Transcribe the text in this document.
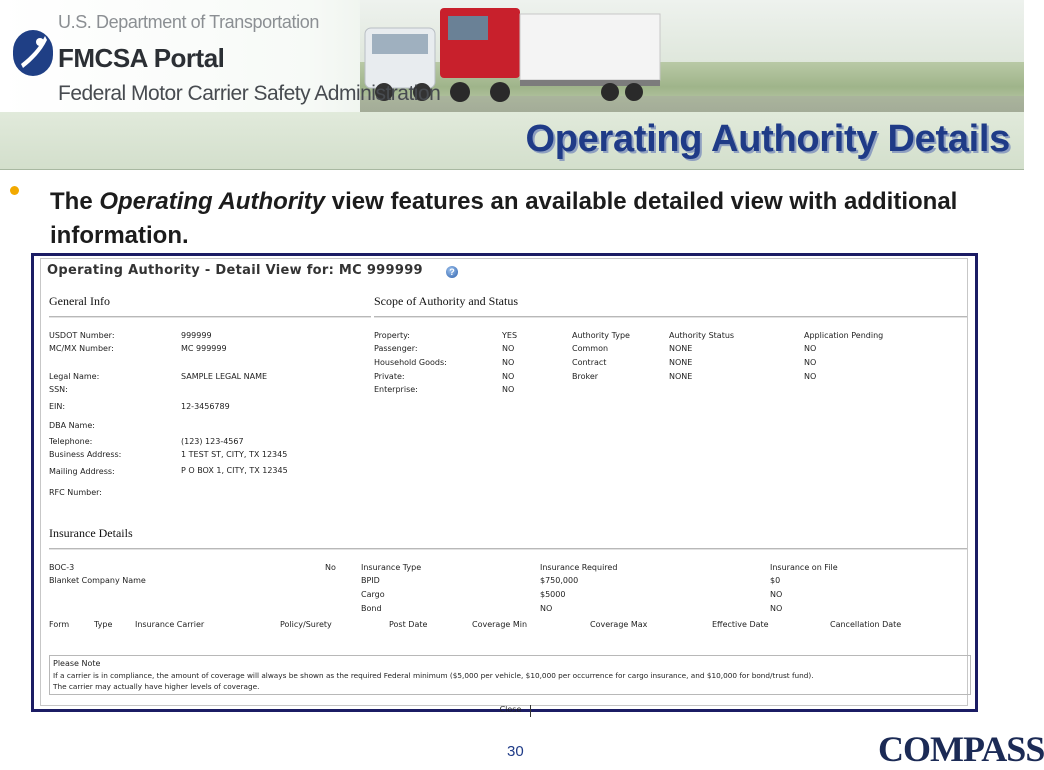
U.S. Department of Transportation
FMCSA Portal
Federal Motor Carrier Safety Administration
Operating Authority Details
The Operating Authority view features an available detailed view with additional information.
Operating Authority - Detail View for: MC 999999	?
General Info
USDOT Number:	999999
MC/MX Number:	MC 999999
Legal Name:	SAMPLE LEGAL NAME
SSN:
EIN:	12-3456789
DBA Name:
Telephone:	(123) 123-4567
Business Address:	1 TEST ST, CITY, TX 12345
Mailing Address:	P O BOX 1, CITY, TX 12345
RFC Number:
Scope of Authority and Status
Property:	YES
Passenger:	NO
Household Goods:	NO
Private:	NO
Enterprise:	NO
Authority Type	Authority Status	Application Pending
Common	NONE	NO
Contract	NONE	NO
Broker	NONE	NO
Insurance Details
BOC-3	No
Blanket Company Name
Insurance Type	Insurance Required	Insurance on File
BPID	$750,000	$0
Cargo	$5000	NO
Bond	NO	NO
Form	Type	Insurance Carrier	Policy/Surety	Post Date	Coverage Min	Coverage Max	Effective Date	Cancellation Date
Please Note
If a carrier is in compliance, the amount of coverage will always be shown as the required Federal minimum ($5,000 per vehicle, $10,000 per occurrence for cargo insurance, and $10,000 for bond/trust fund).
The carrier may actually have higher levels of coverage.
Close
30	COMPASS
